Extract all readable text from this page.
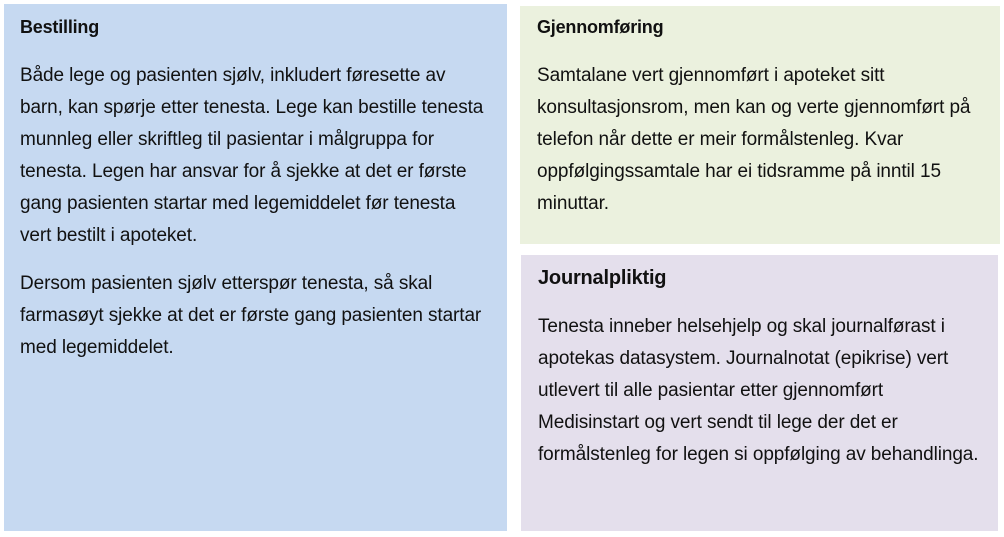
Bestilling

Både lege og pasienten sjølv, inkludert føresette av barn, kan spørje etter tenesta. Lege kan bestille tenesta munnleg eller skriftleg til pasientar i målgruppa for tenesta. Legen har ansvar for å sjekke at det er første gang pasienten startar med legemiddelet før tenesta vert bestilt i apoteket.

Dersom pasienten sjølv etterspør tenesta, så skal farmasøyt sjekke at det er første gang pasienten startar med legemiddelet.

Gjennomføring

Samtalane vert gjennomført i apoteket sitt konsultasjonsrom, men kan og verte gjennomført på telefon når dette er meir formålstenleg. Kvar oppfølgingssamtale har ei tidsramme på inntil 15 minuttar.

Journalpliktig

Tenesta inneber helsehjelp og skal journalførast i apotekas datasystem. Journalnotat (epikrise) vert utlevert til alle pasientar etter gjennomført Medisinstart og vert sendt til lege der det er formålstenleg for legen si oppfølging av behandlinga.
